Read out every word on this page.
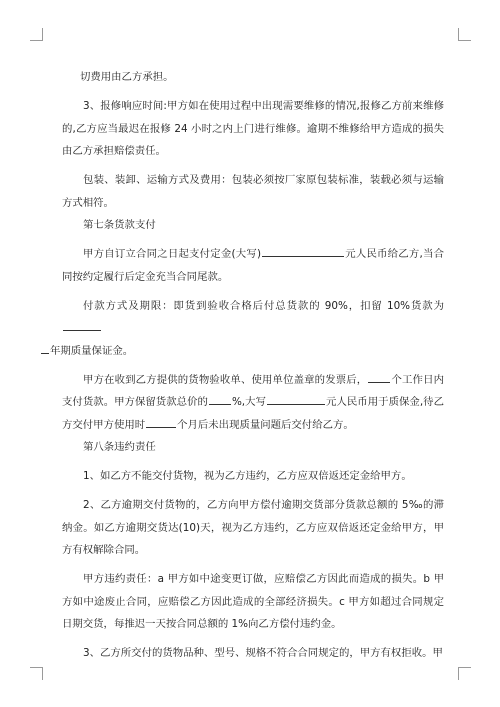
切费用由乙方承担。

3、报修响应时间:甲方如在使用过程中出现需要维修的情况,报修乙方前来维修的,乙方应当最迟在报修 24 小时之内上门进行维修。逾期不维修给甲方造成的损失由乙方承担赔偿责任。

包装、装卸、运输方式及费用：包装必须按厂家原包装标准，装载必须与运输方式相符。

第七条货款支付

甲方自订立合同之日起支付定金(大写)	元人民币给乙方,当合同按约定履行后定金充当合同尾款。

付款方式及期限：即货到验收合格后付总货款的 90%，扣留 10%货款为
年期质量保证金。

甲方在收到乙方提供的货物验收单、使用单位盖章的发票后， 个工作日内支付货款。甲方保留货款总价的 %,大写	元人民币用于质保金,待乙方交付甲方使用时	个月后未出现质量问题后交付给乙方。

第八条违约责任

1、如乙方不能交付货物，视为乙方违约，乙方应双倍返还定金给甲方。

2、乙方逾期交付货物的，乙方向甲方偿付逾期交货部分货款总额的 5‰的滞纳金。如乙方逾期交货达(10)天，视为乙方违约，乙方应双倍返还定金给甲方，甲方有权解除合同。

甲方违约责任：a 甲方如中途变更订做，应赔偿乙方因此而造成的损失。b 甲方如中途废止合同，应赔偿乙方因此造成的全部经济损失。c 甲方如超过合同规定日期交货，每推迟一天按合同总额的 1%向乙方偿付违约金。

3、乙方所交付的货物品种、型号、规格不符合合同规定的，甲方有权拒收。甲
